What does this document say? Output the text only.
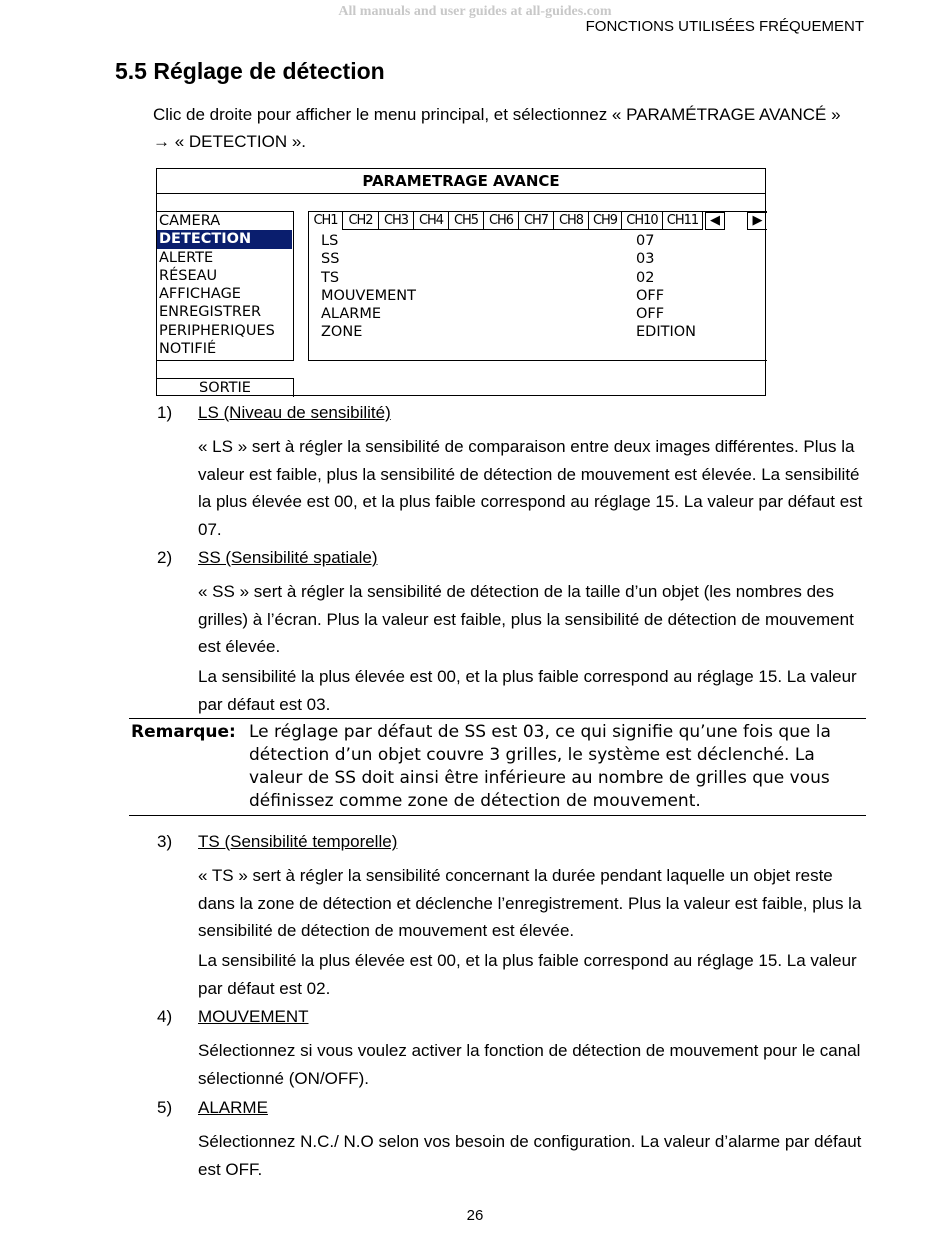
All manuals and user guides at all-guides.com
FONCTIONS UTILISÉES FRÉQUEMENT
5.5 Réglage de détection
Clic de droite pour afficher le menu principal, et sélectionnez « PARAMÉTRAGE AVANCÉ » → « DETECTION ».
PARAMETRAGE AVANCE
CAMERA
DETECTION
ALERTE
RÉSEAU
AFFICHAGE
ENREGISTRER
PERIPHERIQUES
NOTIFIÉ
CH1 CH2 CH3 CH4 CH5 CH6 CH7 CH8 CH9 CH10 CH11 ◀	▶
LS	07
SS	03
TS	02
MOUVEMENT	OFF
ALARME	OFF
ZONE	EDITION
SORTIE
1) LS (Niveau de sensibilité)
« LS » sert à régler la sensibilité de comparaison entre deux images différentes. Plus la valeur est faible, plus la sensibilité de détection de mouvement est élevée. La sensibilité la plus élevée est 00, et la plus faible correspond au réglage 15. La valeur par défaut est 07.
2) SS (Sensibilité spatiale)
« SS » sert à régler la sensibilité de détection de la taille d’un objet (les nombres des grilles) à l’écran. Plus la valeur est faible, plus la sensibilité de détection de mouvement est élevée.
La sensibilité la plus élevée est 00, et la plus faible correspond au réglage 15. La valeur par défaut est 03.
Remarque: Le réglage par défaut de SS est 03, ce qui signifie qu’une fois que la détection d’un objet couvre 3 grilles, le système est déclenché. La valeur de SS doit ainsi être inférieure au nombre de grilles que vous définissez comme zone de détection de mouvement.
3) TS (Sensibilité temporelle)
« TS » sert à régler la sensibilité concernant la durée pendant laquelle un objet reste dans la zone de détection et déclenche l’enregistrement. Plus la valeur est faible, plus la sensibilité de détection de mouvement est élevée.
La sensibilité la plus élevée est 00, et la plus faible correspond au réglage 15. La valeur par défaut est 02.
4) MOUVEMENT
Sélectionnez si vous voulez activer la fonction de détection de mouvement pour le canal sélectionné (ON/OFF).
5) ALARME
Sélectionnez N.C./ N.O selon vos besoin de configuration. La valeur d’alarme par défaut est OFF.
26
